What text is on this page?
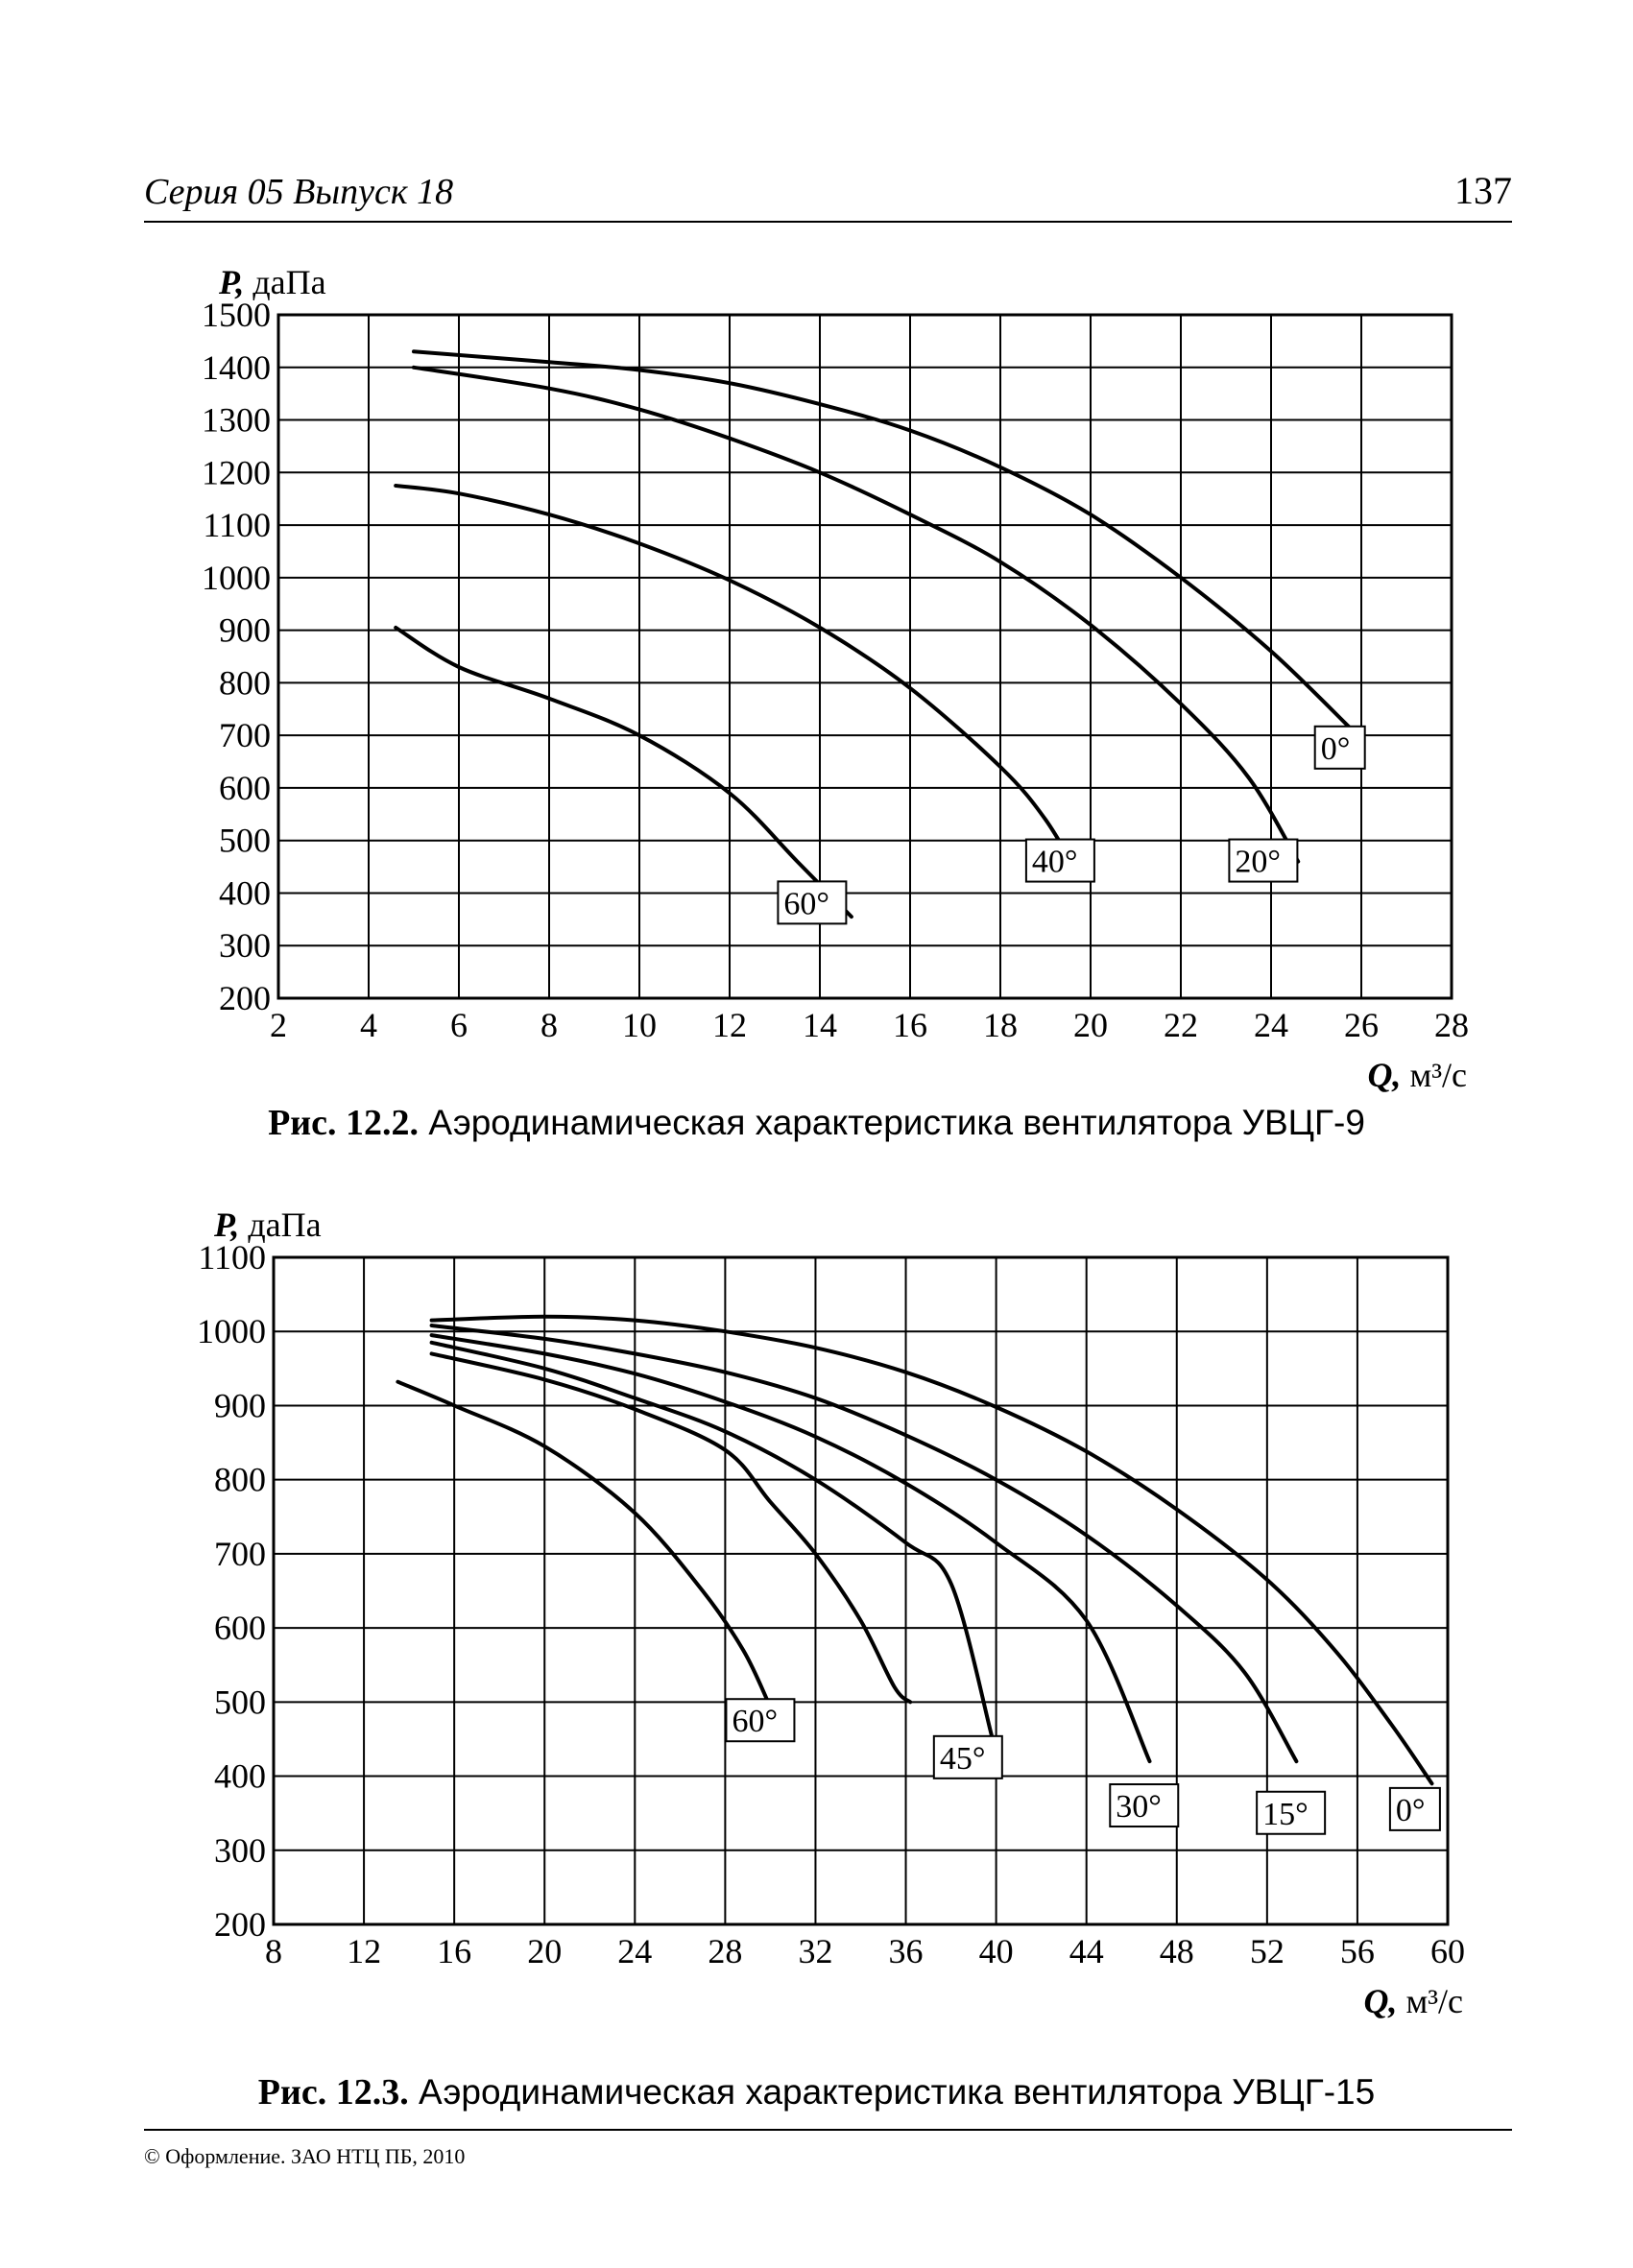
Серия 05 Выпуск 18	137
2 4 6 8 10 12 14 16 18 20 22 24 26 28
1500
1400
1300
1200
1100
1000
900
800
700
600
500
400
300
200
P, даПа
Q, м³/с
0°
20°
40°
60°
Рис. 12.2. Аэродинамическая характеристика вентилятора УВЦГ-9
8 12 16 20 24 28 32 36 40 44 48 52 56 60
1100
1000
900
800
700
600
500
400
300
200
P, даПа
Q, м³/с
0°
15°
30°
45°
60°
Рис. 12.3. Аэродинамическая характеристика вентилятора УВЦГ-15
© Оформление. ЗАО НТЦ ПБ, 2010
